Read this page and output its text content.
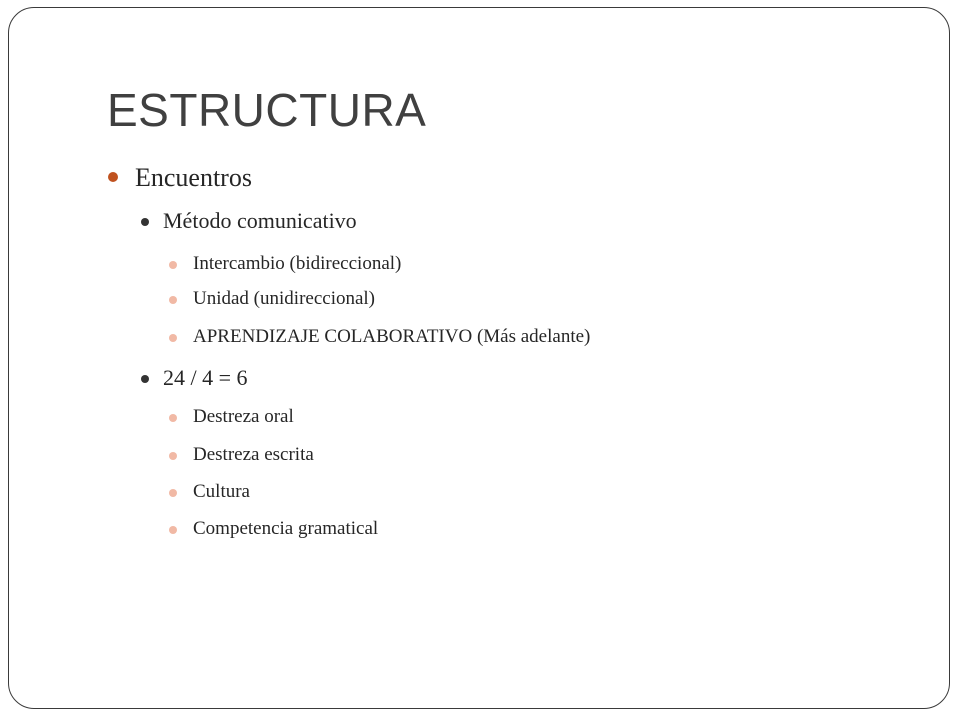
ESTRUCTURA
Encuentros
Método comunicativo
Intercambio (bidireccional)
Unidad (unidireccional)
APRENDIZAJE COLABORATIVO (Más adelante)
24 / 4 = 6
Destreza oral
Destreza escrita
Cultura
Competencia gramatical
